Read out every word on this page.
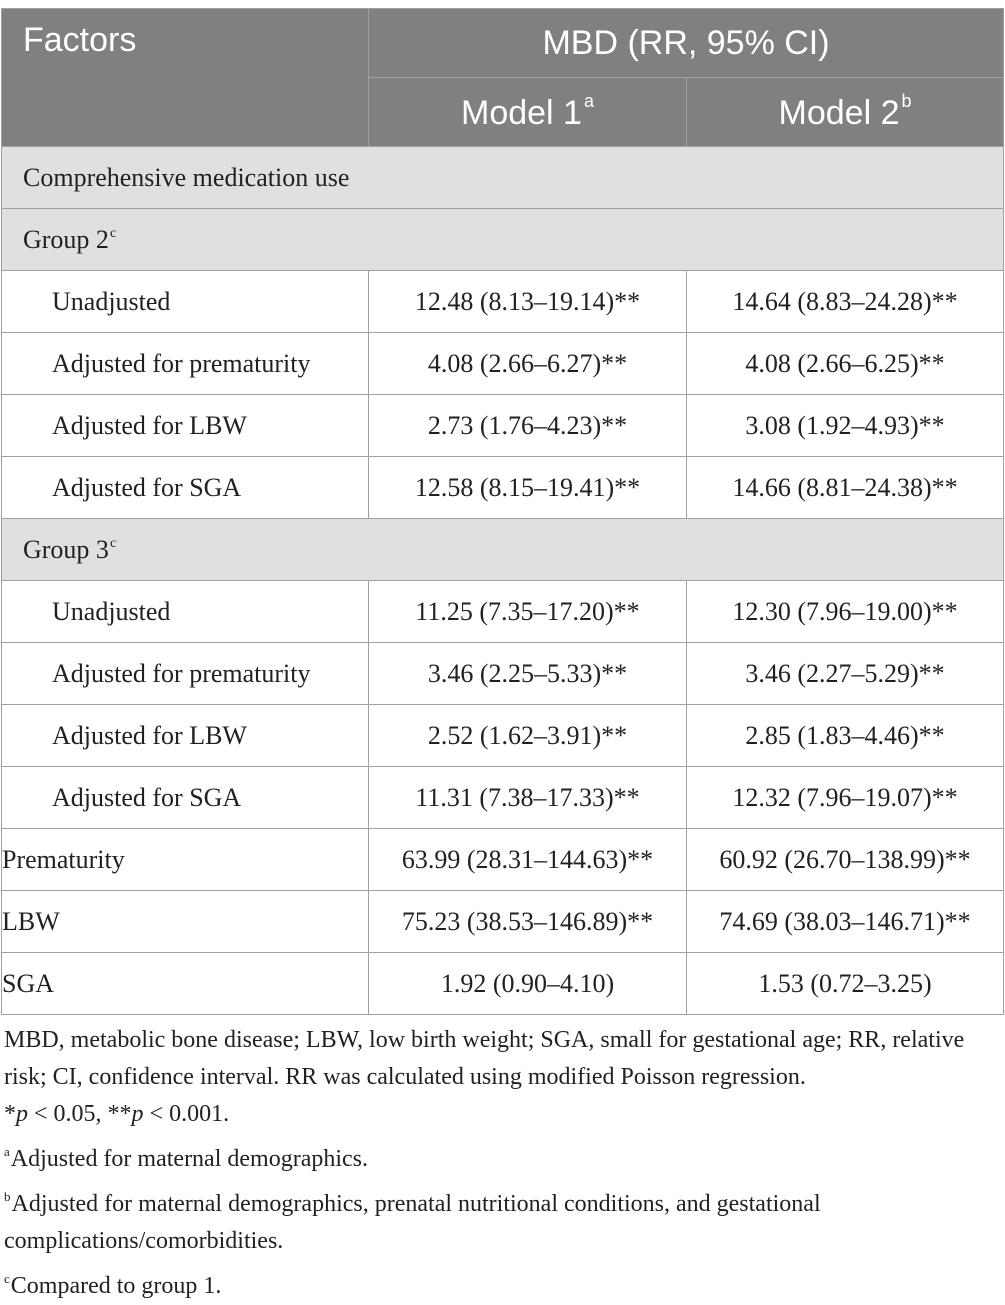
Factors	MBD (RR, 95% CI)	
	Model 1 $^a$	Model 2 $^b$
Comprehensive medication use		
Group 2$^c$
Unadjusted	12.48 (8.13–19.14)**	14.64 (8.83–24.28)**
Adjusted for prematurity	4.08 (2.66–6.27)**	4.08 (2.66–6.25)**
Adjusted for LBW	2.73 (1.76–4.23)**	3.08 (1.92–4.93)**
Adjusted for SGA	12.58 (8.15–19.41)**	14.66 (8.81–24.38)**
Group 3$^c$
Unadjusted	11.25 (7.35–17.20)**	12.30 (7.96–19.00)**
Adjusted for prematurity	3.46 (2.25–5.33)**	3.46 (2.27–5.29)**
Adjusted for LBW	2.52 (1.62–3.91)**	2.85 (1.83–4.46)**
Adjusted for SGA	11.31 (7.38–17.33)**	12.32 (7.96–19.07)**
Prematurity	63.99 (28.31–144.63)**	60.92 (26.70–138.99)**
LBW	75.23 (38.53–146.89)**	74.69 (38.03–146.71)**
SGA	1.92 (0.90–4.10)	1.53 (0.72–3.25)

MBD, metabolic bone disease; LBW, low birth weight; SGA, small for gestational age; RR, relative risk; CI, confidence interval. RR was calculated using modified Poisson regression.

*p < 0.05, **p < 0.001.

$^a$Adjusted for maternal demographics.

$^b$Adjusted for maternal demographics, prenatal nutritional conditions, and gestational complications/comorbidities.

$^c$Compared to group 1.
